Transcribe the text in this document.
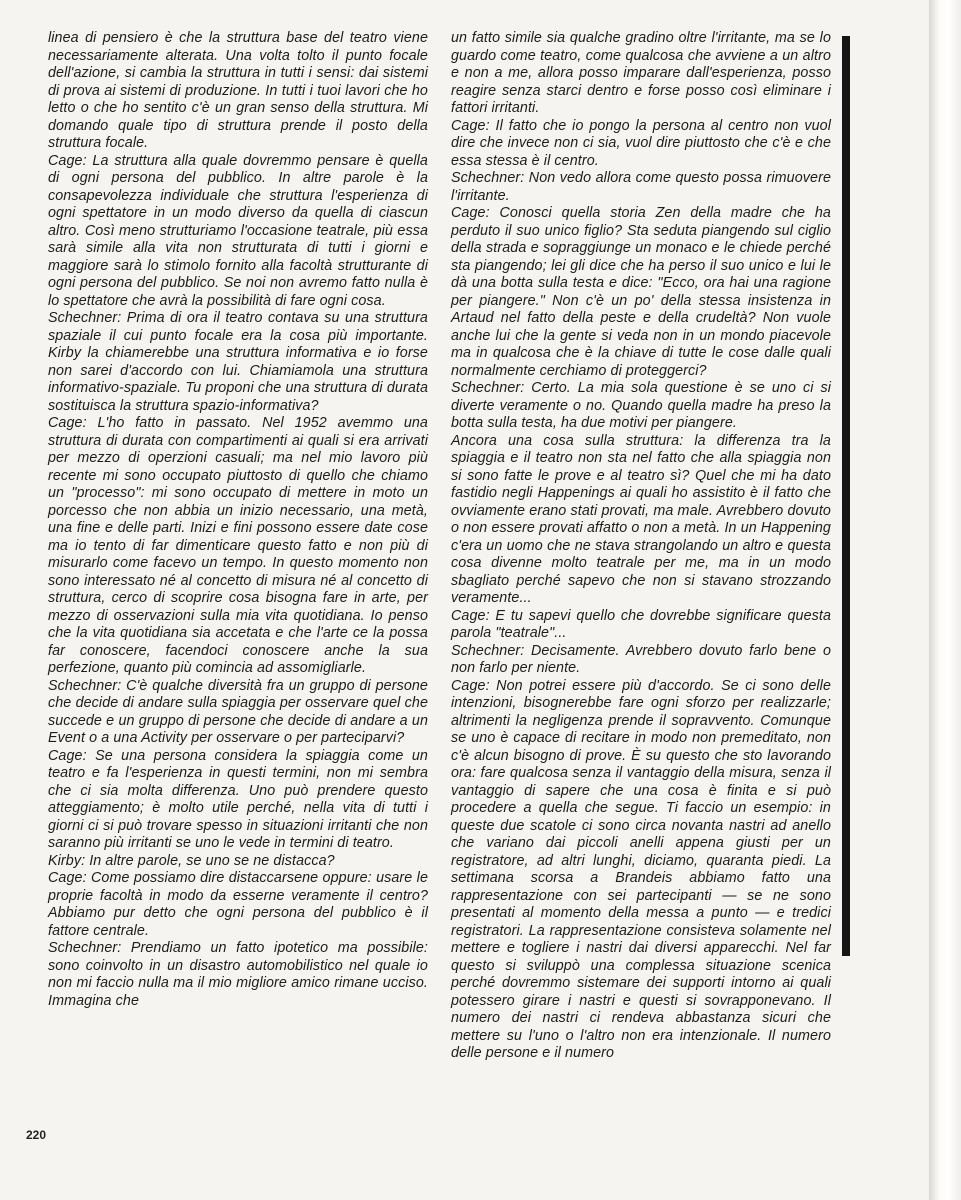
linea di pensiero è che la struttura base del teatro viene necessariamente alterata. Una volta tolto il punto focale dell'azione, si cambia la struttura in tutti i sensi: dai sistemi di prova ai sistemi di produzione. In tutti i tuoi lavori che ho letto o che ho sentito c'è un gran senso della struttura. Mi domando quale tipo di struttura prende il posto della struttura focale.

Cage: La struttura alla quale dovremmo pensare è quella di ogni persona del pubblico. In altre parole è la consapevolezza individuale che struttura l'esperienza di ogni spettatore in un modo diverso da quella di ciascun altro. Così meno strutturiamo l'occasione teatrale, più essa sarà simile alla vita non strutturata di tutti i giorni e maggiore sarà lo stimolo fornito alla facoltà strutturante di ogni persona del pubblico. Se noi non avremo fatto nulla è lo spettatore che avrà la possibilità di fare ogni cosa.

Schechner: Prima di ora il teatro contava su una struttura spaziale il cui punto focale era la cosa più importante. Kirby la chiamerebbe una struttura informativa e io forse non sarei d'accordo con lui. Chiamiamola una struttura informativo-spaziale. Tu proponi che una struttura di durata sostituisca la struttura spazio-informativa?

Cage: L'ho fatto in passato. Nel 1952 avemmo una struttura di durata con compartimenti ai quali si era arrivati per mezzo di operzioni casuali; ma nel mio lavoro più recente mi sono occupato piuttosto di quello che chiamo un "processo": mi sono occupato di mettere in moto un porcesso che non abbia un inizio necessario, una metà, una fine e delle parti. Inizi e fini possono essere date cose ma io tento di far dimenticare questo fatto e non più di misurarlo come facevo un tempo. In questo momento non sono interessato né al concetto di misura né al concetto di struttura, cerco di scoprire cosa bisogna fare in arte, per mezzo di osservazioni sulla mia vita quotidiana. Io penso che la vita quotidiana sia accetata e che l'arte ce la possa far conoscere, facendoci conoscere anche la sua perfezione, quanto più comincia ad assomigliarle.

Schechner: C'è qualche diversità fra un gruppo di persone che decide di andare sulla spiaggia per osservare quel che succede e un gruppo di persone che decide di andare a un Event o a una Activity per osservare o per parteciparvi?

Cage: Se una persona considera la spiaggia come un teatro e fa l'esperienza in questi termini, non mi sembra che ci sia molta differenza. Uno può prendere questo atteggiamento; è molto utile perché, nella vita di tutti i giorni ci si può trovare spesso in situazioni irritanti che non saranno più irritanti se uno le vede in termini di teatro.

Kirby: In altre parole, se uno se ne distacca?

Cage: Come possiamo dire distaccarsene oppure: usare le proprie facoltà in modo da esserne veramente il centro? Abbiamo pur detto che ogni persona del pubblico è il fattore centrale.

Schechner: Prendiamo un fatto ipotetico ma possibile: sono coinvolto in un disastro automobilistico nel quale io non mi faccio nulla ma il mio migliore amico rimane ucciso. Immagina che

un fatto simile sia qualche gradino oltre l'irritante, ma se lo guardo come teatro, come qualcosa che avviene a un altro e non a me, allora posso imparare dall'esperienza, posso reagire senza starci dentro e forse posso così eliminare i fattori irritanti.

Cage: Il fatto che io pongo la persona al centro non vuol dire che invece non ci sia, vuol dire piuttosto che c'è e che essa stessa è il centro.

Schechner: Non vedo allora come questo possa rimuovere l'irritante.

Cage: Conosci quella storia Zen della madre che ha perduto il suo unico figlio? Sta seduta piangendo sul ciglio della strada e sopraggiunge un monaco e le chiede perché sta piangendo; lei gli dice che ha perso il suo unico e lui le dà una botta sulla testa e dice: "Ecco, ora hai una ragione per piangere." Non c'è un po' della stessa insistenza in Artaud nel fatto della peste e della crudeltà? Non vuole anche lui che la gente si veda non in un mondo piacevole ma in qualcosa che è la chiave di tutte le cose dalle quali normalmente cerchiamo di proteggerci?

Schechner: Certo. La mia sola questione è se uno ci si diverte veramente o no. Quando quella madre ha preso la botta sulla testa, ha due motivi per piangere.

Ancora una cosa sulla struttura: la differenza tra la spiaggia e il teatro non sta nel fatto che alla spiaggia non si sono fatte le prove e al teatro sì? Quel che mi ha dato fastidio negli Happenings ai quali ho assistito è il fatto che ovviamente erano stati provati, ma male. Avrebbero dovuto o non essere provati affatto o non a metà. In un Happening c'era un uomo che ne stava strangolando un altro e questa cosa divenne molto teatrale per me, ma in un modo sbagliato perché sapevo che non si stavano strozzando veramente...

Cage: E tu sapevi quello che dovrebbe significare questa parola "teatrale"...

Schechner: Decisamente. Avrebbero dovuto farlo bene o non farlo per niente.

Cage: Non potrei essere più d'accordo. Se ci sono delle intenzioni, bisognerebbe fare ogni sforzo per realizzarle; altrimenti la negligenza prende il sopravvento. Comunque se uno è capace di recitare in modo non premeditato, non c'è alcun bisogno di prove. È su questo che sto lavorando ora: fare qualcosa senza il vantaggio della misura, senza il vantaggio di sapere che una cosa è finita e si può procedere a quella che segue. Ti faccio un esempio: in queste due scatole ci sono circa novanta nastri ad anello che variano dai piccoli anelli appena giusti per un registratore, ad altri lunghi, diciamo, quaranta piedi. La settimana scorsa a Brandeis abbiamo fatto una rappresentazione con sei partecipanti — se ne sono presentati al momento della messa a punto — e tredici registratori. La rappresentazione consisteva solamente nel mettere e togliere i nastri dai diversi apparecchi. Nel far questo si sviluppò una complessa situazione scenica perché dovremmo sistemare dei supporti intorno ai quali potessero girare i nastri e questi si sovrapponevano. Il numero dei nastri ci rendeva abbastanza sicuri che mettere su l'uno o l'altro non era intenzionale. Il numero delle persone e il numero

220
